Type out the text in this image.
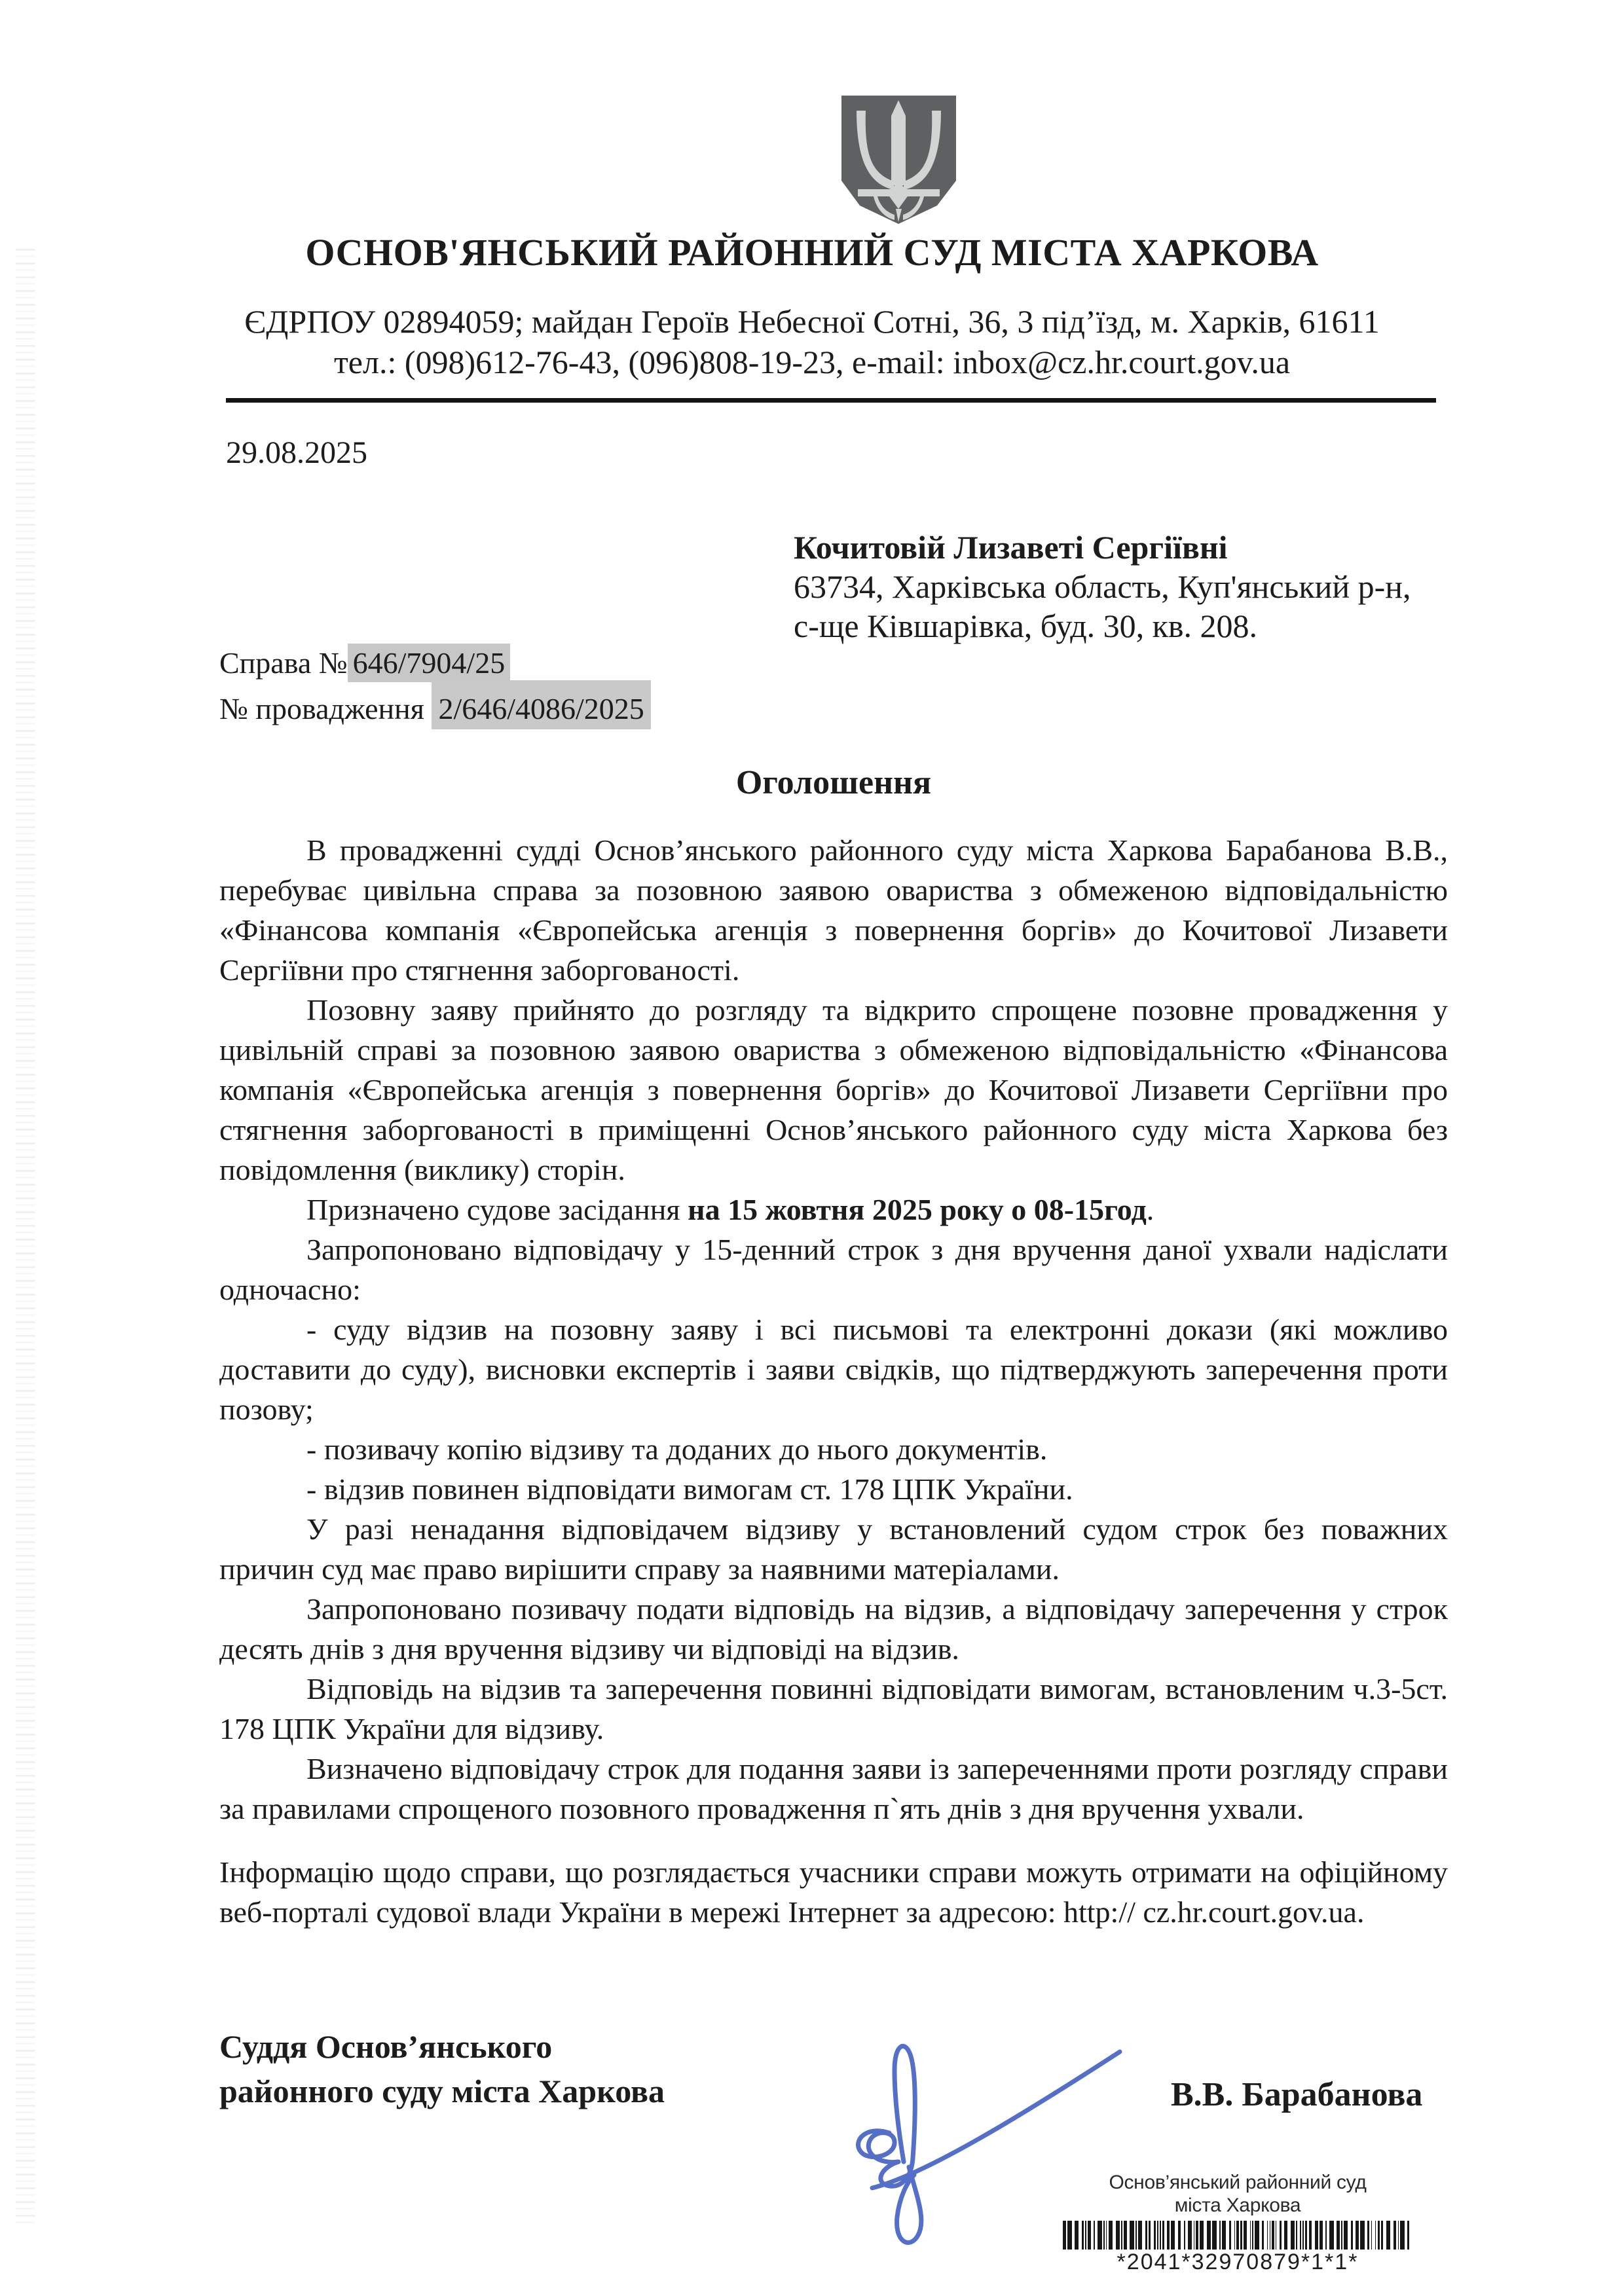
ОСНОВ'ЯНСЬКИЙ РАЙОННИЙ СУД МІСТА ХАРКОВА
ЄДРПОУ 02894059; майдан Героїв Небесної Сотні, 36, 3 під’їзд, м. Харків, 61611
тел.: (098)612-76-43, (096)808-19-23, e-mail: inbox@cz.hr.court.gov.ua
29.08.2025
Кочитовій Лизаветі Сергіївні
63734, Харківська область, Куп'янський р-н,
с-ще Ківшарівка, буд. 30, кв. 208.
Справа № 646/7904/25
№ провадження 2/646/4086/2025
Оголошення

В провадженні судді Основ’янського районного суду міста Харкова Барабанова В.В., перебуває цивільна справа за позовною заявою овариства з обмеженою відповідальністю «Фінансова компанія «Європейська агенція з повернення боргів» до Кочитової Лизавети Сергіївни про стягнення заборгованості.

Позовну заяву прийнято до розгляду та відкрито спрощене позовне провадження у цивільній справі за позовною заявою овариства з обмеженою відповідальністю «Фінансова компанія «Європейська агенція з повернення боргів» до Кочитової Лизавети Сергіївни про стягнення заборгованості в приміщенні Основ’янського районного суду міста Харкова без повідомлення (виклику) сторін.

Призначено судове засідання на 15 жовтня 2025 року о 08-15год.

Запропоновано відповідачу у 15-денний строк з дня вручення даної ухвали надіслати одночасно:

- суду відзив на позовну заяву і всі письмові та електронні докази (які можливо доставити до суду), висновки експертів і заяви свідків, що підтверджують заперечення проти позову;

- позивачу копію відзиву та доданих до нього документів.

- відзив повинен відповідати вимогам ст. 178 ЦПК України.

У разі ненадання відповідачем відзиву у встановлений судом строк без поважних причин суд має право вирішити справу за наявними матеріалами.

Запропоновано позивачу подати відповідь на відзив, а відповідачу заперечення у строк десять днів з дня вручення відзиву чи відповіді на відзив.

Відповідь на відзив та заперечення повинні відповідати вимогам, встановленим ч.3-5ст. 178 ЦПК України для відзиву.

Визначено відповідачу строк для подання заяви із запереченнями проти розгляду справи за правилами спрощеного позовного провадження п`ять днів з дня вручення ухвали.

Інформацію щодо справи, що розглядається учасники справи можуть отримати на офіційному веб-порталі судової влади України в мережі Інтернет за адресою: http:// cz.hr.court.gov.ua.

Суддя Основ’янського
районного суду міста Харкова	В.В. Барабанова
Основ’янський районний суд
міста Харкова
*2041*32970879*1*1*
